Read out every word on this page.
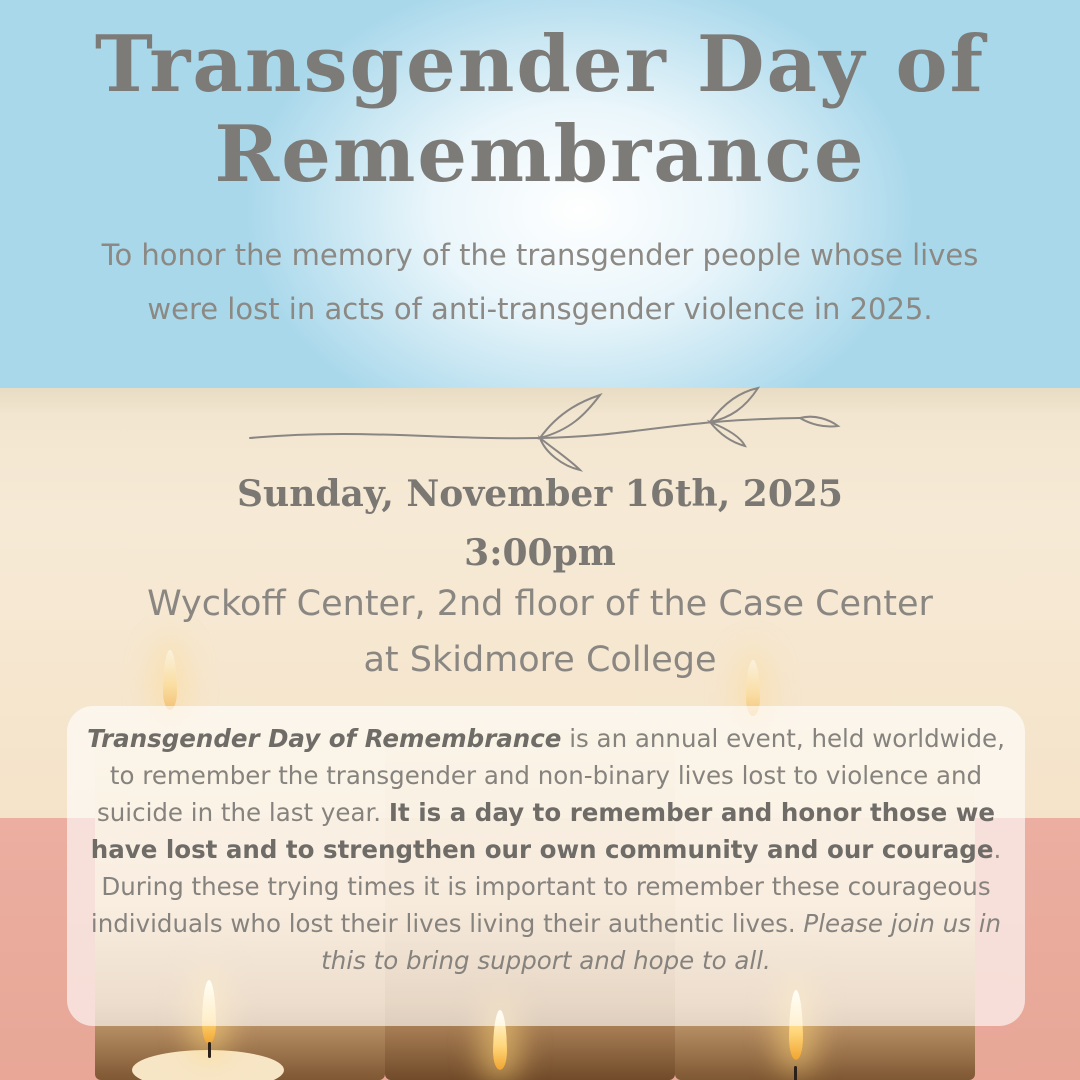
Transgender Day of
Remembrance

To honor the memory of the transgender people whose lives
were lost in acts of anti-transgender violence in 2025.

Sunday, November 16th, 2025
3:00pm

Wyckoff Center, 2nd floor of the Case Center
at Skidmore College

Transgender Day of Remembrance is an annual event, held worldwide, to remember the transgender and non-binary lives lost to violence and suicide in the last year. It is a day to remember and honor those we have lost and to strengthen our own community and our courage. During these trying times it is important to remember these courageous individuals who lost their lives living their authentic lives. Please join us in this to bring support and hope to all.
